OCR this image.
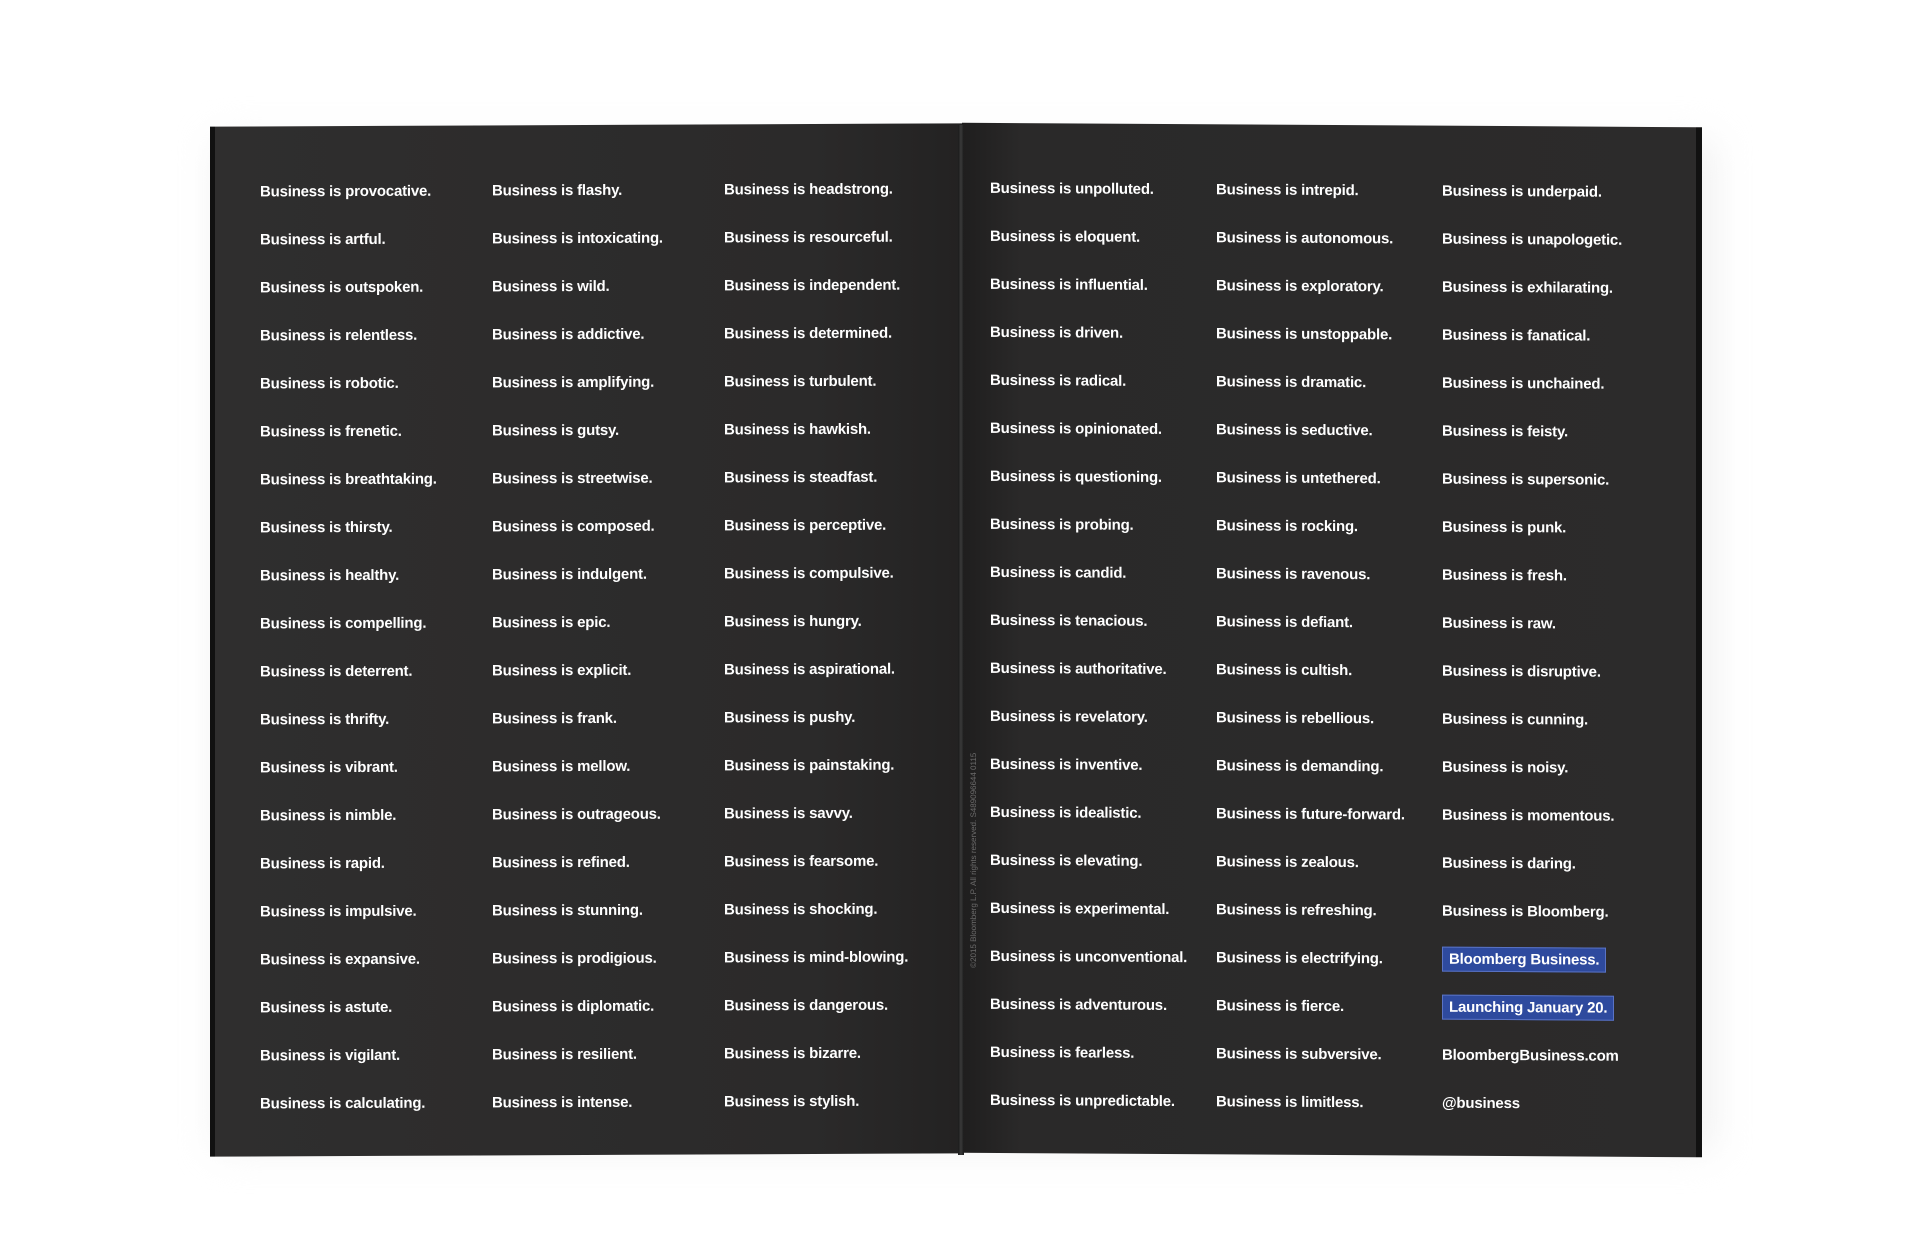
Business is provocative.
Business is artful.
Business is outspoken.
Business is relentless.
Business is robotic.
Business is frenetic.
Business is breathtaking.
Business is thirsty.
Business is healthy.
Business is compelling.
Business is deterrent.
Business is thrifty.
Business is vibrant.
Business is nimble.
Business is rapid.
Business is impulsive.
Business is expansive.
Business is astute.
Business is vigilant.
Business is calculating.
Business is flashy.
Business is intoxicating.
Business is wild.
Business is addictive.
Business is amplifying.
Business is gutsy.
Business is streetwise.
Business is composed.
Business is indulgent.
Business is epic.
Business is explicit.
Business is frank.
Business is mellow.
Business is outrageous.
Business is refined.
Business is stunning.
Business is prodigious.
Business is diplomatic.
Business is resilient.
Business is intense.
Business is headstrong.
Business is resourceful.
Business is independent.
Business is determined.
Business is turbulent.
Business is hawkish.
Business is steadfast.
Business is perceptive.
Business is compulsive.
Business is hungry.
Business is aspirational.
Business is pushy.
Business is painstaking.
Business is savvy.
Business is fearsome.
Business is shocking.
Business is mind-blowing.
Business is dangerous.
Business is bizarre.
Business is stylish.
©2015 Bloomberg L.P. All rights reserved. S489096644 0115
Business is unpolluted.
Business is eloquent.
Business is influential.
Business is driven.
Business is radical.
Business is opinionated.
Business is questioning.
Business is probing.
Business is candid.
Business is tenacious.
Business is authoritative.
Business is revelatory.
Business is inventive.
Business is idealistic.
Business is elevating.
Business is experimental.
Business is unconventional.
Business is adventurous.
Business is fearless.
Business is unpredictable.
Business is intrepid.
Business is autonomous.
Business is exploratory.
Business is unstoppable.
Business is dramatic.
Business is seductive.
Business is untethered.
Business is rocking.
Business is ravenous.
Business is defiant.
Business is cultish.
Business is rebellious.
Business is demanding.
Business is future-forward.
Business is zealous.
Business is refreshing.
Business is electrifying.
Business is fierce.
Business is subversive.
Business is limitless.
Business is underpaid.
Business is unapologetic.
Business is exhilarating.
Business is fanatical.
Business is unchained.
Business is feisty.
Business is supersonic.
Business is punk.
Business is fresh.
Business is raw.
Business is disruptive.
Business is cunning.
Business is noisy.
Business is momentous.
Business is daring.
Business is Bloomberg.
Bloomberg Business.
Launching January 20.
BloombergBusiness.com
@business
